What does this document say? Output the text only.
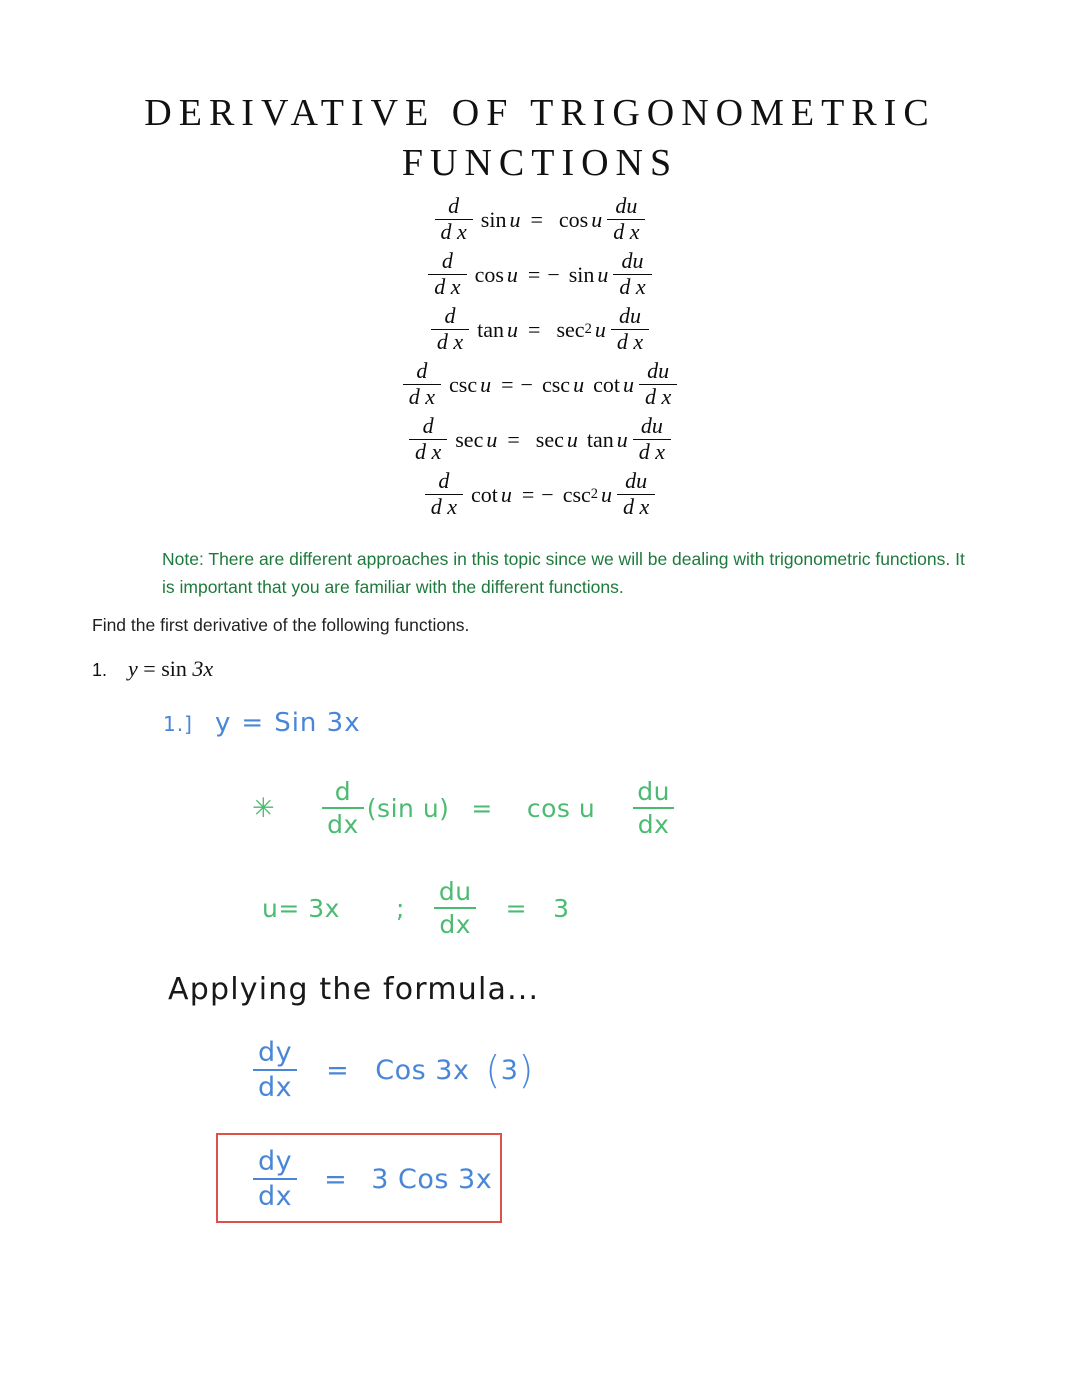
DERIVATIVE OF TRIGONOMETRIC
FUNCTIONS
$\frac{d}{\text{d x}}$ sin u = cos u $\frac{du}{\text{d x}}$
$\frac{d}{\text{d x}}$ cos u = − sin u $\frac{du}{\text{d x}}$
$\frac{d}{\text{d x}}$ tan u = sec 2 u $\frac{du}{\text{d x}}$
$\frac{d}{\text{d x}}$ csc u = − csc u cot u $\frac{du}{\text{d x}}$
$\frac{d}{\text{d x}}$ sec u = sec u tan u $\frac{du}{\text{d x}}$
$\frac{d}{\text{d x}}$ cot u = − csc 2 u $\frac{du}{\text{d x}}$
Note: There are different approaches in this topic since we will be dealing with trigonometric functions. It is important that you are familiar with the different functions.
Find the first derivative of the following functions.
1. y = sin 3x
1.] y = Sin 3x
✳ $\frac{d}{dx} (\sin$ u) = cos u $\frac{du}{dx}$
u= 3x ; $\frac{du}{dx} = 3$
Applying the formula...
$\frac{dy}{dx}$ = Cos 3x ( 3 )
$\frac{dy}{dx} = 3$ Cos 3x
